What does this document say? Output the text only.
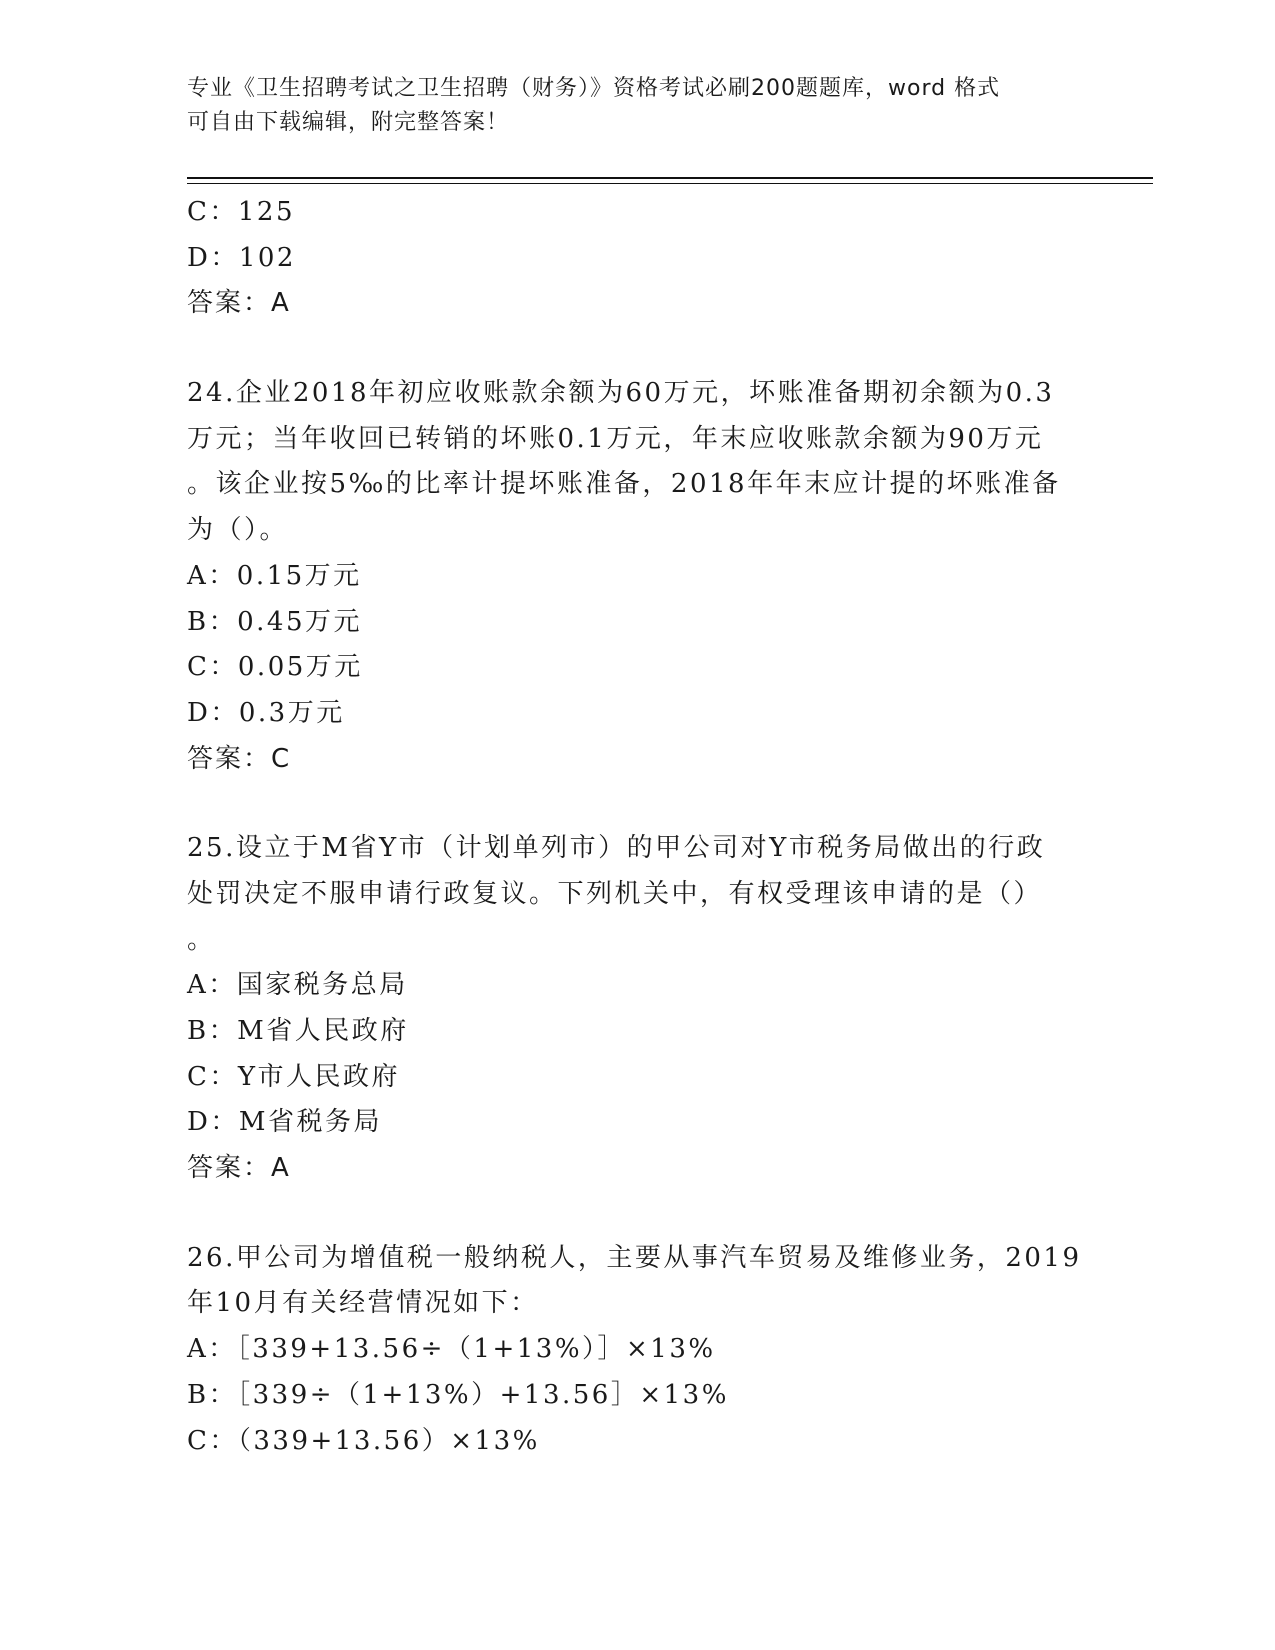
专业《卫生招聘考试之卫生招聘（财务）》资格考试必刷200题题库，word 格式
可自由下载编辑，附完整答案！
C：125
D：102
答案：A
24.企业2018年初应收账款余额为60万元，坏账准备期初余额为0.3
万元；当年收回已转销的坏账0.1万元，年末应收账款余额为90万元
。该企业按5‰的比率计提坏账准备，2018年年末应计提的坏账准备
为（）。
A：0.15万元
B：0.45万元
C：0.05万元
D：0.3万元
答案：C
25.设立于M省Y市（计划单列市）的甲公司对Y市税务局做出的行政
处罚决定不服申请行政复议。下列机关中，有权受理该申请的是（）
。
A：国家税务总局
B：M省人民政府
C：Y市人民政府
D：M省税务局
答案：A
26.甲公司为增值税一般纳税人，主要从事汽车贸易及维修业务，2019
年10月有关经营情况如下：
A：［339+13.56÷（1+13%）］×13%
B：［339÷（1+13%）+13.56］×13%
C：（339+13.56）×13%
